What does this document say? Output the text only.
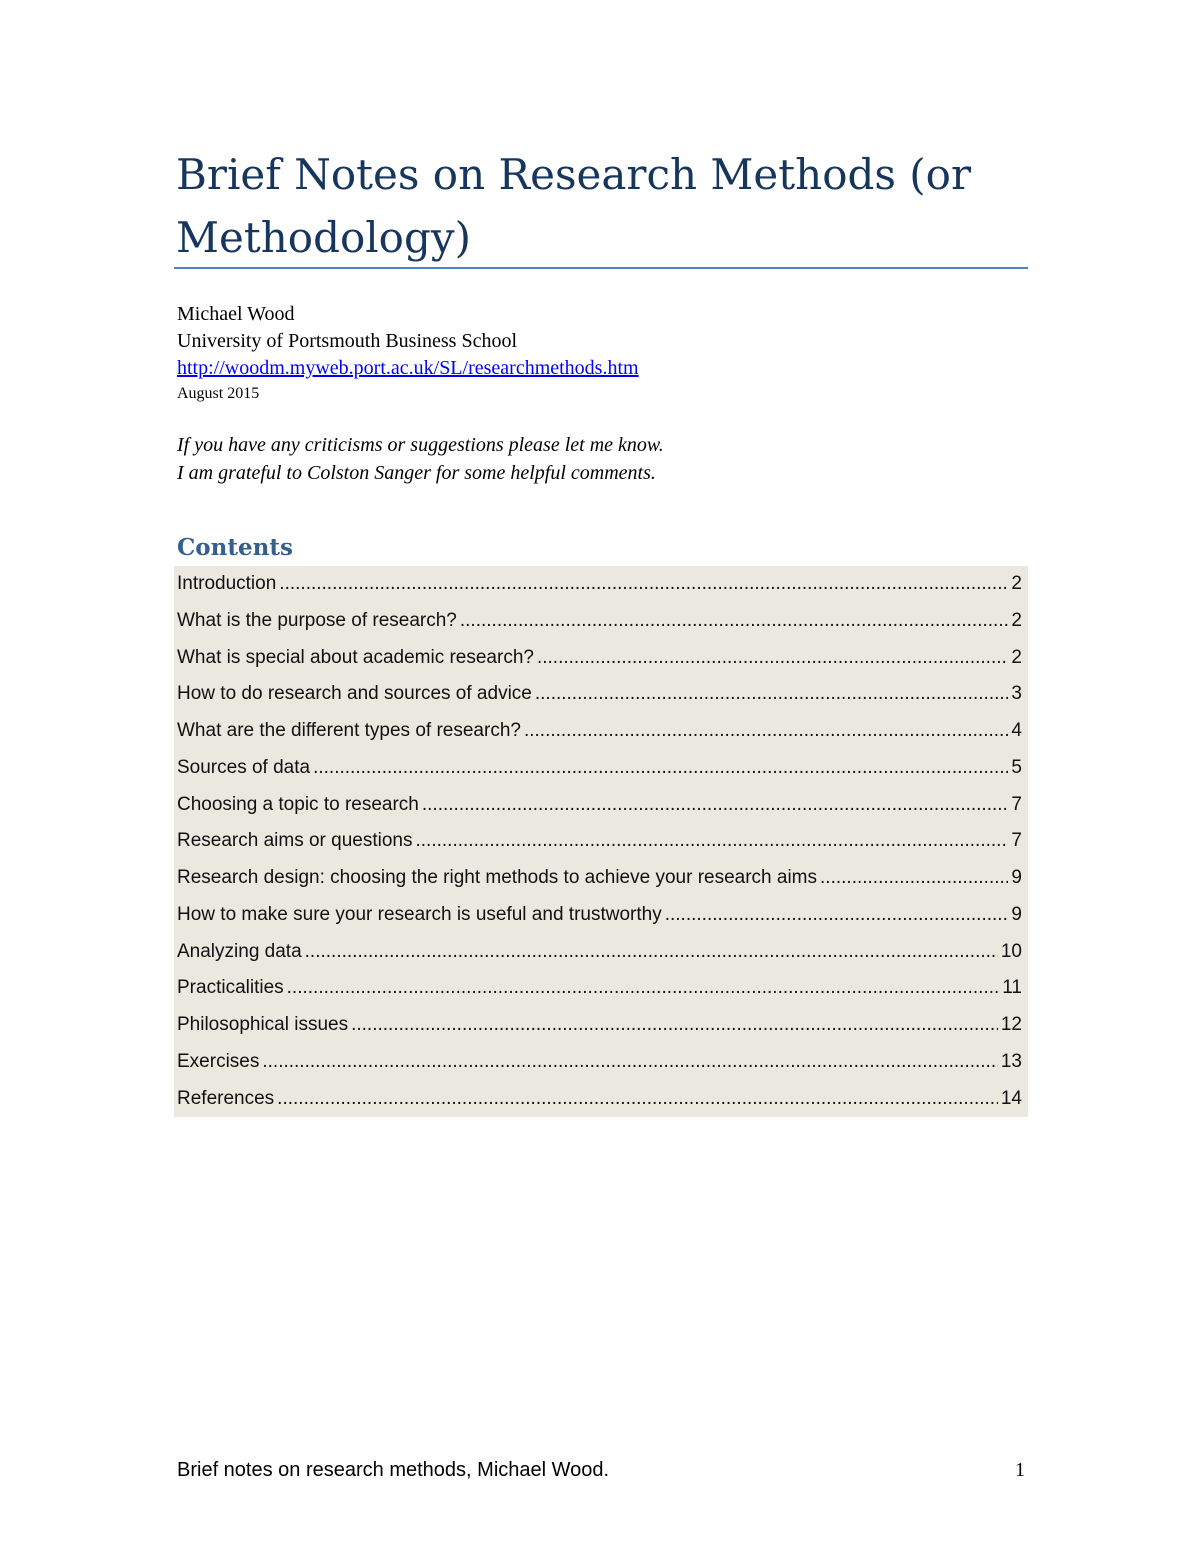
Brief Notes on Research Methods (or Methodology)
Michael Wood
University of Portsmouth Business School
http://woodm.myweb.port.ac.uk/SL/researchmethods.htm
August 2015
If you have any criticisms or suggestions please let me know.
I am grateful to Colston Sanger for some helpful comments.
Contents
Introduction .....	2
What is the purpose of research? .....	2
What is special about academic research? .....	2
How to do research and sources of advice .....	3
What are the different types of research? .....	4
Sources of data .....	5
Choosing a topic to research .....	7
Research aims or questions .....	7
Research design: choosing the right methods to achieve your research aims .....	9
How to make sure your research is useful and trustworthy .....	9
Analyzing data .....	10
Practicalities .....	11
Philosophical issues .....	12
Exercises .....	13
References .....	14
Brief notes on research methods, Michael Wood.	1
